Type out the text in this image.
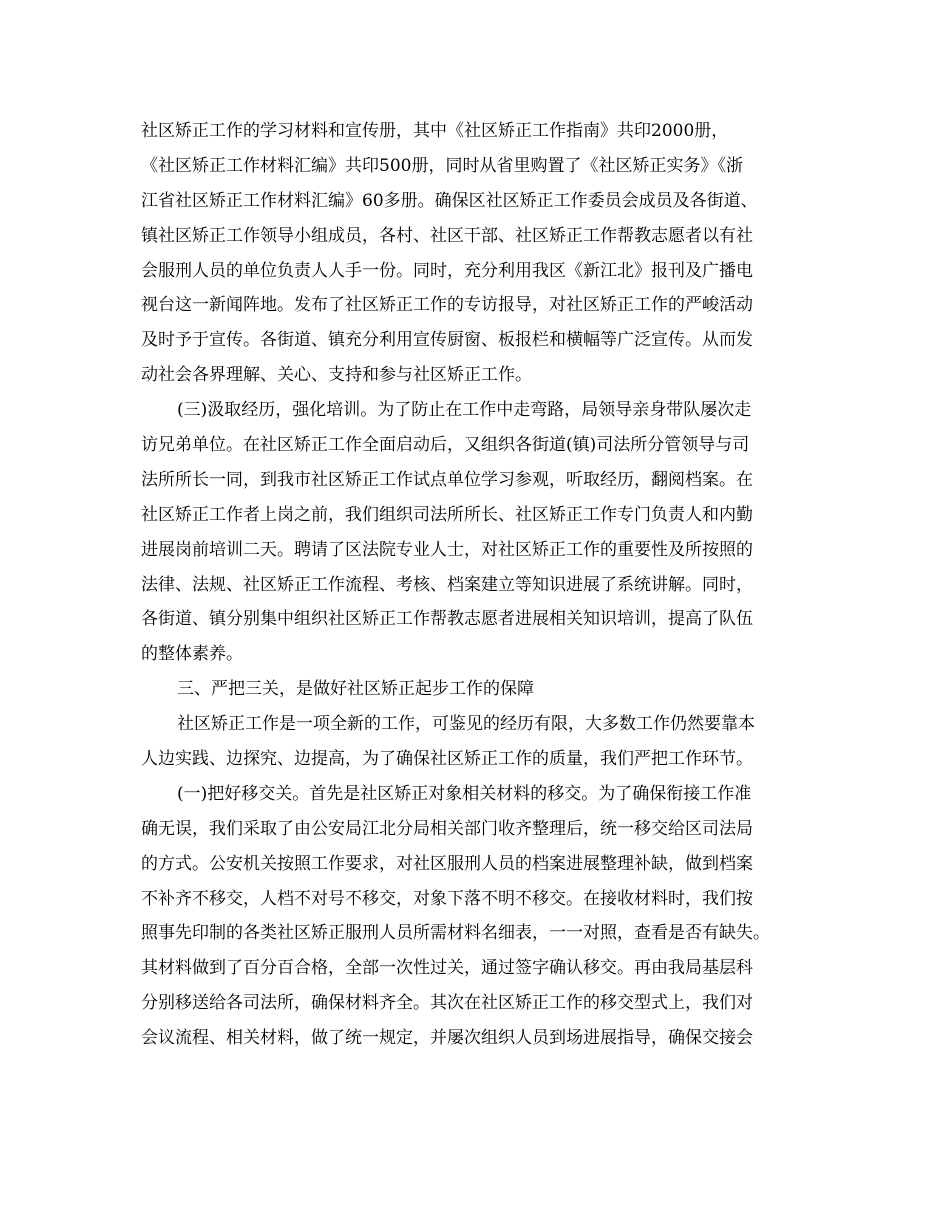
社区矫正工作的学习材料和宣传册，其中《社区矫正工作指南》共印2000册，
《社区矫正工作材料汇编》共印500册，同时从省里购置了《社区矫正实务》《浙
江省社区矫正工作材料汇编》60多册。确保区社区矫正工作委员会成员及各街道、
镇社区矫正工作领导小组成员，各村、社区干部、社区矫正工作帮教志愿者以有社
会服刑人员的单位负责人人手一份。同时，充分利用我区《新江北》报刊及广播电
视台这一新闻阵地。发布了社区矫正工作的专访报导，对社区矫正工作的严峻活动
及时予于宣传。各街道、镇充分利用宣传厨窗、板报栏和横幅等广泛宣传。从而发
动社会各界理解、关心、支持和参与社区矫正工作。
(三)汲取经历，强化培训。为了防止在工作中走弯路，局领导亲身带队屡次走
访兄弟单位。在社区矫正工作全面启动后，又组织各街道(镇)司法所分管领导与司
法所所长一同，到我市社区矫正工作试点单位学习参观，听取经历，翻阅档案。在
社区矫正工作者上岗之前，我们组织司法所所长、社区矫正工作专门负责人和内勤
进展岗前培训二天。聘请了区法院专业人士，对社区矫正工作的重要性及所按照的
法律、法规、社区矫正工作流程、考核、档案建立等知识进展了系统讲解。同时，
各街道、镇分别集中组织社区矫正工作帮教志愿者进展相关知识培训，提高了队伍
的整体素养。
三、严把三关，是做好社区矫正起步工作的保障
社区矫正工作是一项全新的工作，可鉴见的经历有限，大多数工作仍然要靠本
人边实践、边探究、边提高，为了确保社区矫正工作的质量，我们严把工作环节。
(一)把好移交关。首先是社区矫正对象相关材料的移交。为了确保衔接工作准
确无误，我们采取了由公安局江北分局相关部门收齐整理后，统一移交给区司法局
的方式。公安机关按照工作要求，对社区服刑人员的档案进展整理补缺，做到档案
不补齐不移交，人档不对号不移交，对象下落不明不移交。在接收材料时，我们按
照事先印制的各类社区矫正服刑人员所需材料名细表，一一对照，查看是否有缺失。
其材料做到了百分百合格，全部一次性过关，通过签字确认移交。再由我局基层科
分别移送给各司法所，确保材料齐全。其次在社区矫正工作的移交型式上，我们对
会议流程、相关材料，做了统一规定，并屡次组织人员到场进展指导，确保交接会
